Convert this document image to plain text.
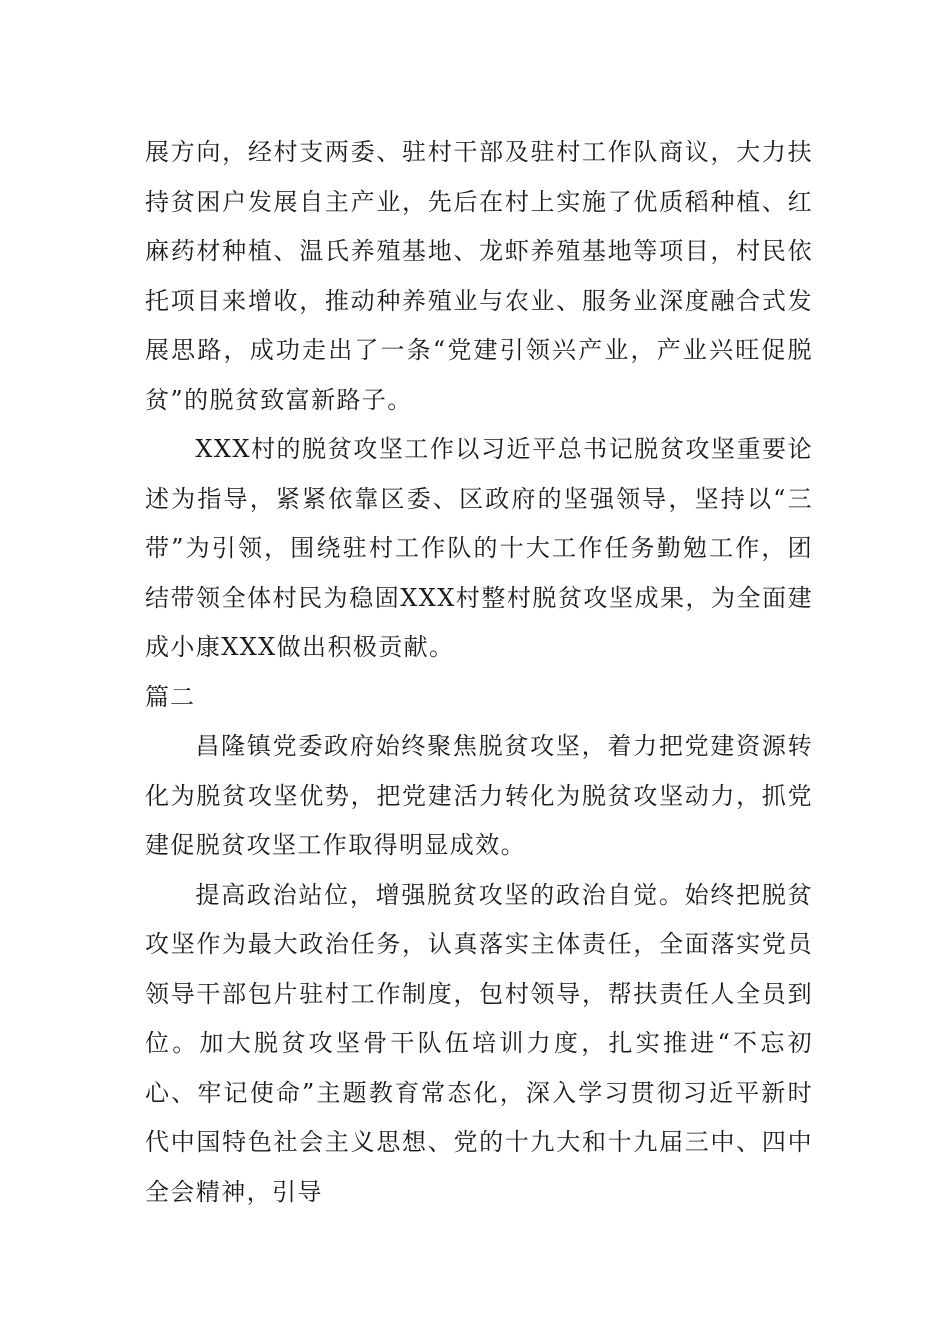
展方向，经村支两委、驻村干部及驻村工作队商议，大力扶持贫困户发展自主产业，先后在村上实施了优质稻种植、红麻药材种植、温氏养殖基地、龙虾养殖基地等项目，村民依托项目来增收，推动种养殖业与农业、服务业深度融合式发展思路，成功走出了一条“党建引领兴产业，产业兴旺促脱贫”的脱贫致富新路子。

XXX村的脱贫攻坚工作以习近平总书记脱贫攻坚重要论述为指导，紧紧依靠区委、区政府的坚强领导，坚持以“三带”为引领，围绕驻村工作队的十大工作任务勤勉工作，团结带领全体村民为稳固XXX村整村脱贫攻坚成果，为全面建成小康XXX做出积极贡献。

篇二

昌隆镇党委政府始终聚焦脱贫攻坚，着力把党建资源转化为脱贫攻坚优势，把党建活力转化为脱贫攻坚动力，抓党建促脱贫攻坚工作取得明显成效。

提高政治站位，增强脱贫攻坚的政治自觉。始终把脱贫攻坚作为最大政治任务，认真落实主体责任，全面落实党员领导干部包片驻村工作制度，包村领导，帮扶责任人全员到位。加大脱贫攻坚骨干队伍培训力度，扎实推进“不忘初心、牢记使命”主题教育常态化，深入学习贯彻习近平新时代中国特色社会主义思想、党的十九大和十九届三中、四中全会精神，引导
